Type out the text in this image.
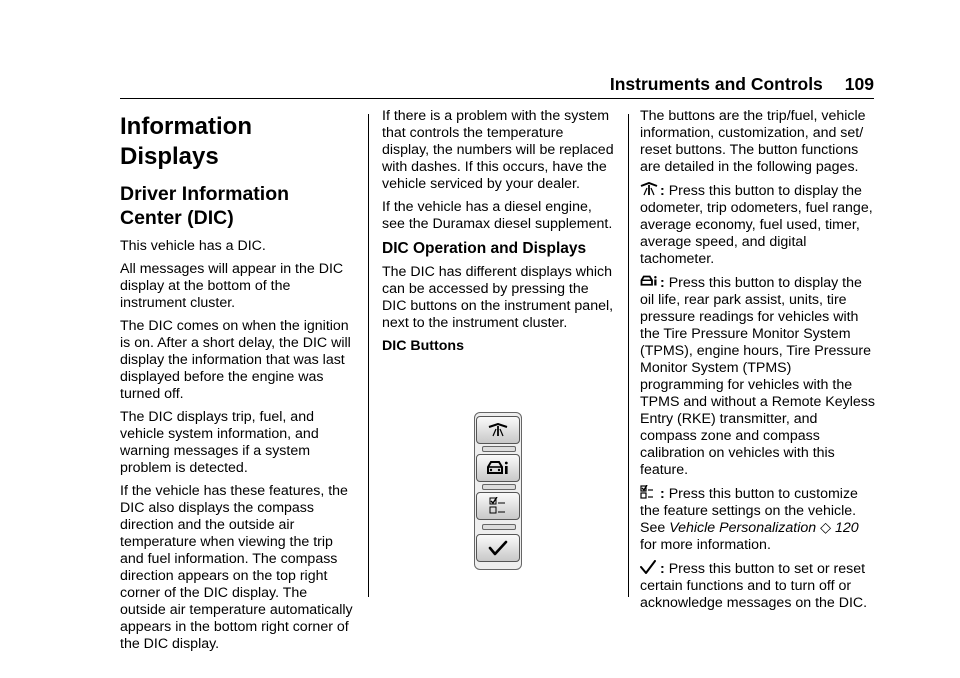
Instruments and Controls 109
Information Displays
Driver Information Center (DIC)

This vehicle has a DIC.

All messages will appear in the DIC display at the bottom of the instrument cluster.

The DIC comes on when the ignition is on. After a short delay, the DIC will display the information that was last displayed before the engine was turned off.

The DIC displays trip, fuel, and vehicle system information, and warning messages if a system problem is detected.

If the vehicle has these features, the DIC also displays the compass direction and the outside air temperature when viewing the trip and fuel information. The compass direction appears on the top right corner of the DIC display. The outside air temperature automatically appears in the bottom right corner of the DIC display.

If there is a problem with the system that controls the temperature display, the numbers will be replaced with dashes. If this occurs, have the vehicle serviced by your dealer.

If the vehicle has a diesel engine, see the Duramax diesel supplement.

DIC Operation and Displays

The DIC has different displays which can be accessed by pressing the DIC buttons on the instrument panel, next to the instrument cluster.

DIC Buttons

The buttons are the trip/fuel, vehicle information, customization, and set/ reset buttons. The button functions are detailed in the following pages.

: Press this button to display the odometer, trip odometers, fuel range, average economy, fuel used, timer, average speed, and digital tachometer.

: Press this button to display the oil life, rear park assist, units, tire pressure readings for vehicles with the Tire Pressure Monitor System (TPMS), engine hours, Tire Pressure Monitor System (TPMS) programming for vehicles with the TPMS and without a Remote Keyless Entry (RKE) transmitter, and compass zone and compass calibration on vehicles with this feature.

: Press this button to customize the feature settings on the vehicle. See Vehicle Personalization ◇ 120 for more information.

: Press this button to set or reset certain functions and to turn off or acknowledge messages on the DIC.
